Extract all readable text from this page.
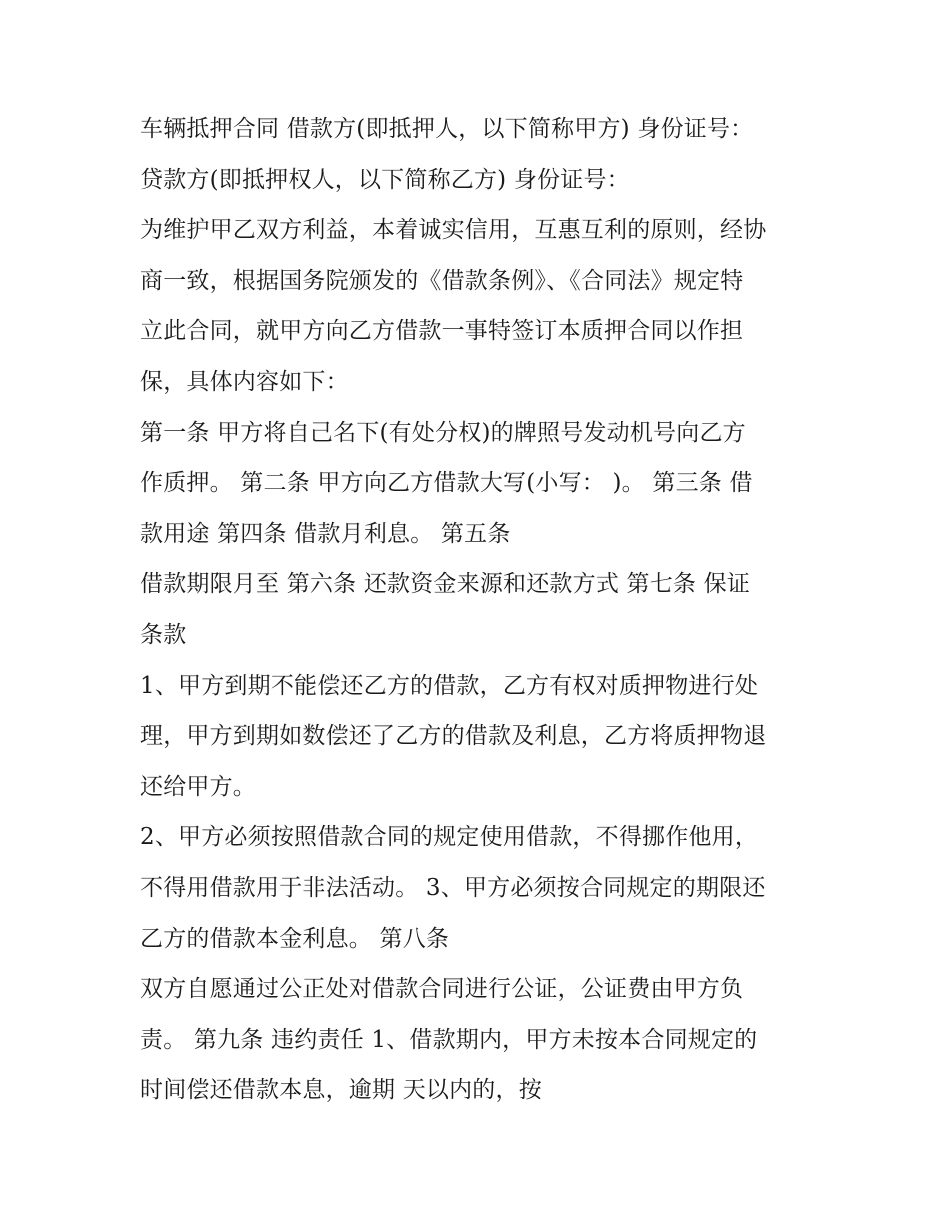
车辆抵押合同 借款方(即抵押人，以下简称甲方) 身份证号：
贷款方(即抵押权人，以下简称乙方) 身份证号：
为维护甲乙双方利益，本着诚实信用，互惠互利的原则，经协
商一致，根据国务院颁发的《借款条例》、《合同法》规定特
立此合同，就甲方向乙方借款一事特签订本质押合同以作担
保，具体内容如下：
第一条 甲方将自己名下(有处分权)的牌照号发动机号向乙方
作质押。 第二条 甲方向乙方借款大写(小写： )。 第三条 借
款用途 第四条 借款月利息。 第五条
借款期限月至 第六条 还款资金来源和还款方式 第七条 保证
条款
1、甲方到期不能偿还乙方的借款，乙方有权对质押物进行处
理，甲方到期如数偿还了乙方的借款及利息，乙方将质押物退
还给甲方。
2、甲方必须按照借款合同的规定使用借款，不得挪作他用，
不得用借款用于非法活动。 3、甲方必须按合同规定的期限还
乙方的借款本金利息。 第八条
双方自愿通过公正处对借款合同进行公证，公证费由甲方负
责。 第九条 违约责任 1、借款期内，甲方未按本合同规定的
时间偿还借款本息，逾期 天以内的，按
